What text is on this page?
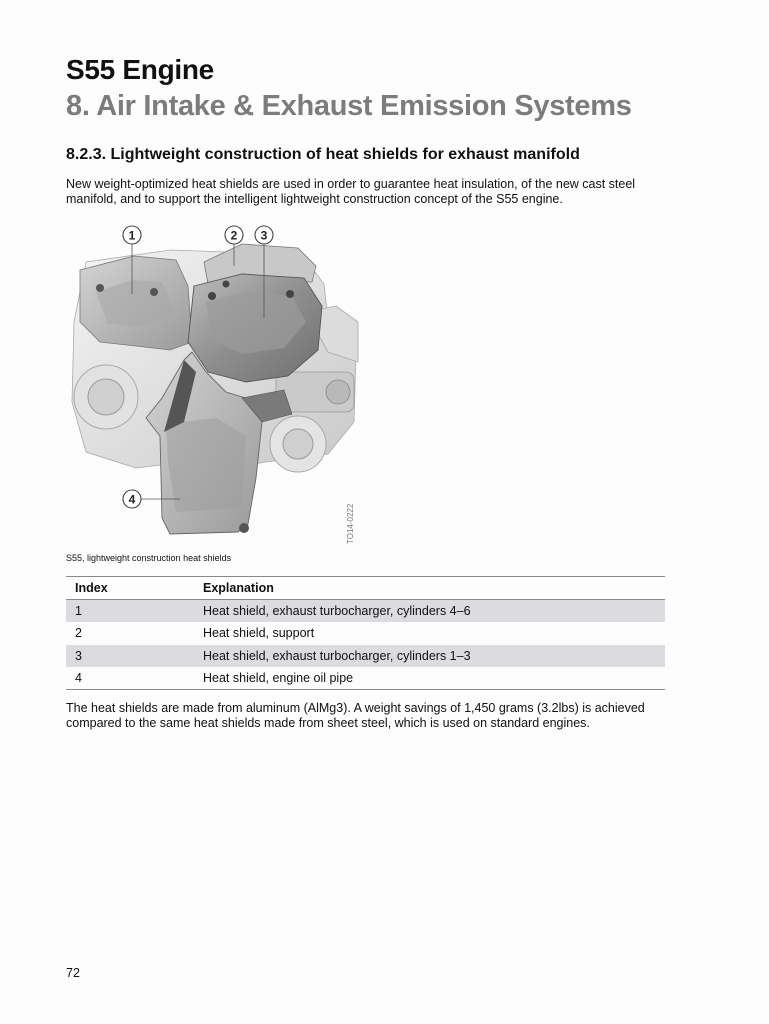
S55 Engine
8. Air Intake & Exhaust Emission Systems
8.2.3. Lightweight construction of heat shields for exhaust manifold

New weight-optimized heat shields are used in order to guarantee heat insulation, of the new cast steel manifold, and to support the intelligent lightweight construction concept of the S55 engine.

1	2 3
4
TO14-0222
S55, lightweight construction heat shields
Index	Explanation
1	Heat shield, exhaust turbocharger, cylinders 4–6
2	Heat shield, support
3	Heat shield, exhaust turbocharger, cylinders 1–3
4	Heat shield, engine oil pipe

The heat shields are made from aluminum (AlMg3). A weight savings of 1,450 grams (3.2lbs) is achieved compared to the same heat shields made from sheet steel, which is used on standard engines.

72
